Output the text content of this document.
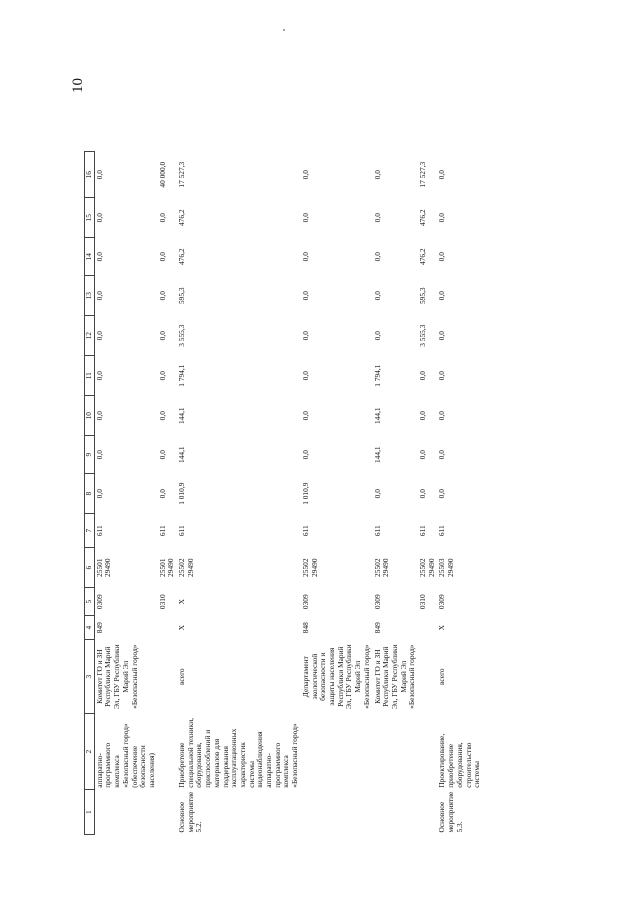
10
1	2	3	4	5	6	7	8	9	10	11	12	13	14	15	16
	аппаратно-программного комплекса «Безопасный город» (обеспечение безопасности населения)	Комитет ГО и ЗН Республики Марий Эл, ГБУ Республики Марий Эл «Безопасный город»	849	0309	25501 29490	611	0,0	0,0	0,0	0,0	0,0	0,0	0,0	0,0	0,0
				0310	25501 29490	611	0,0	0,0	0,0	0,0	0,0	0,0	0,0	0,0	40 000,0
Основное мероприятие 5.2.	Приобретение специальной техники, оборудования, приспособлений и материалов для поддержания эксплуатационных характеристик системы видеонаблюдения аппаратно-программного комплекса «Безопасный город»	всего	Х	Х	25502 29490	611	1 010,9	144,1	144,1	1 794,1	3 555,3	595,3	476,2	476,2	17 527,3
		Департамент экологической безопасности и защиты населения Республики Марий Эл, ГБУ Республики Марий Эл «Безопасный город»	848	0309	25502 29490	611	1 010,9	0,0	0,0	0,0	0,0	0,0	0,0	0,0	0,0
		Комитет ГО и ЗН Республики Марий Эл, ГБУ Республики Марий Эл «Безопасный город»	849	0309	25502 29490	611	0,0	144,1	144,1	1 794,1	0,0	0,0	0,0	0,0	0,0
				0310	25502 29490	611	0,0	0,0	0,0	0,0	3 555,3	595,3	476,2	476,2	17 527,3
Основное мероприятие 5.3.	Проектирование, приобретение оборудования, строительство системы	всего	Х	0309	25503 29490	611	0,0	0,0	0,0	0,0	0,0	0,0	0,0	0,0	0,0
